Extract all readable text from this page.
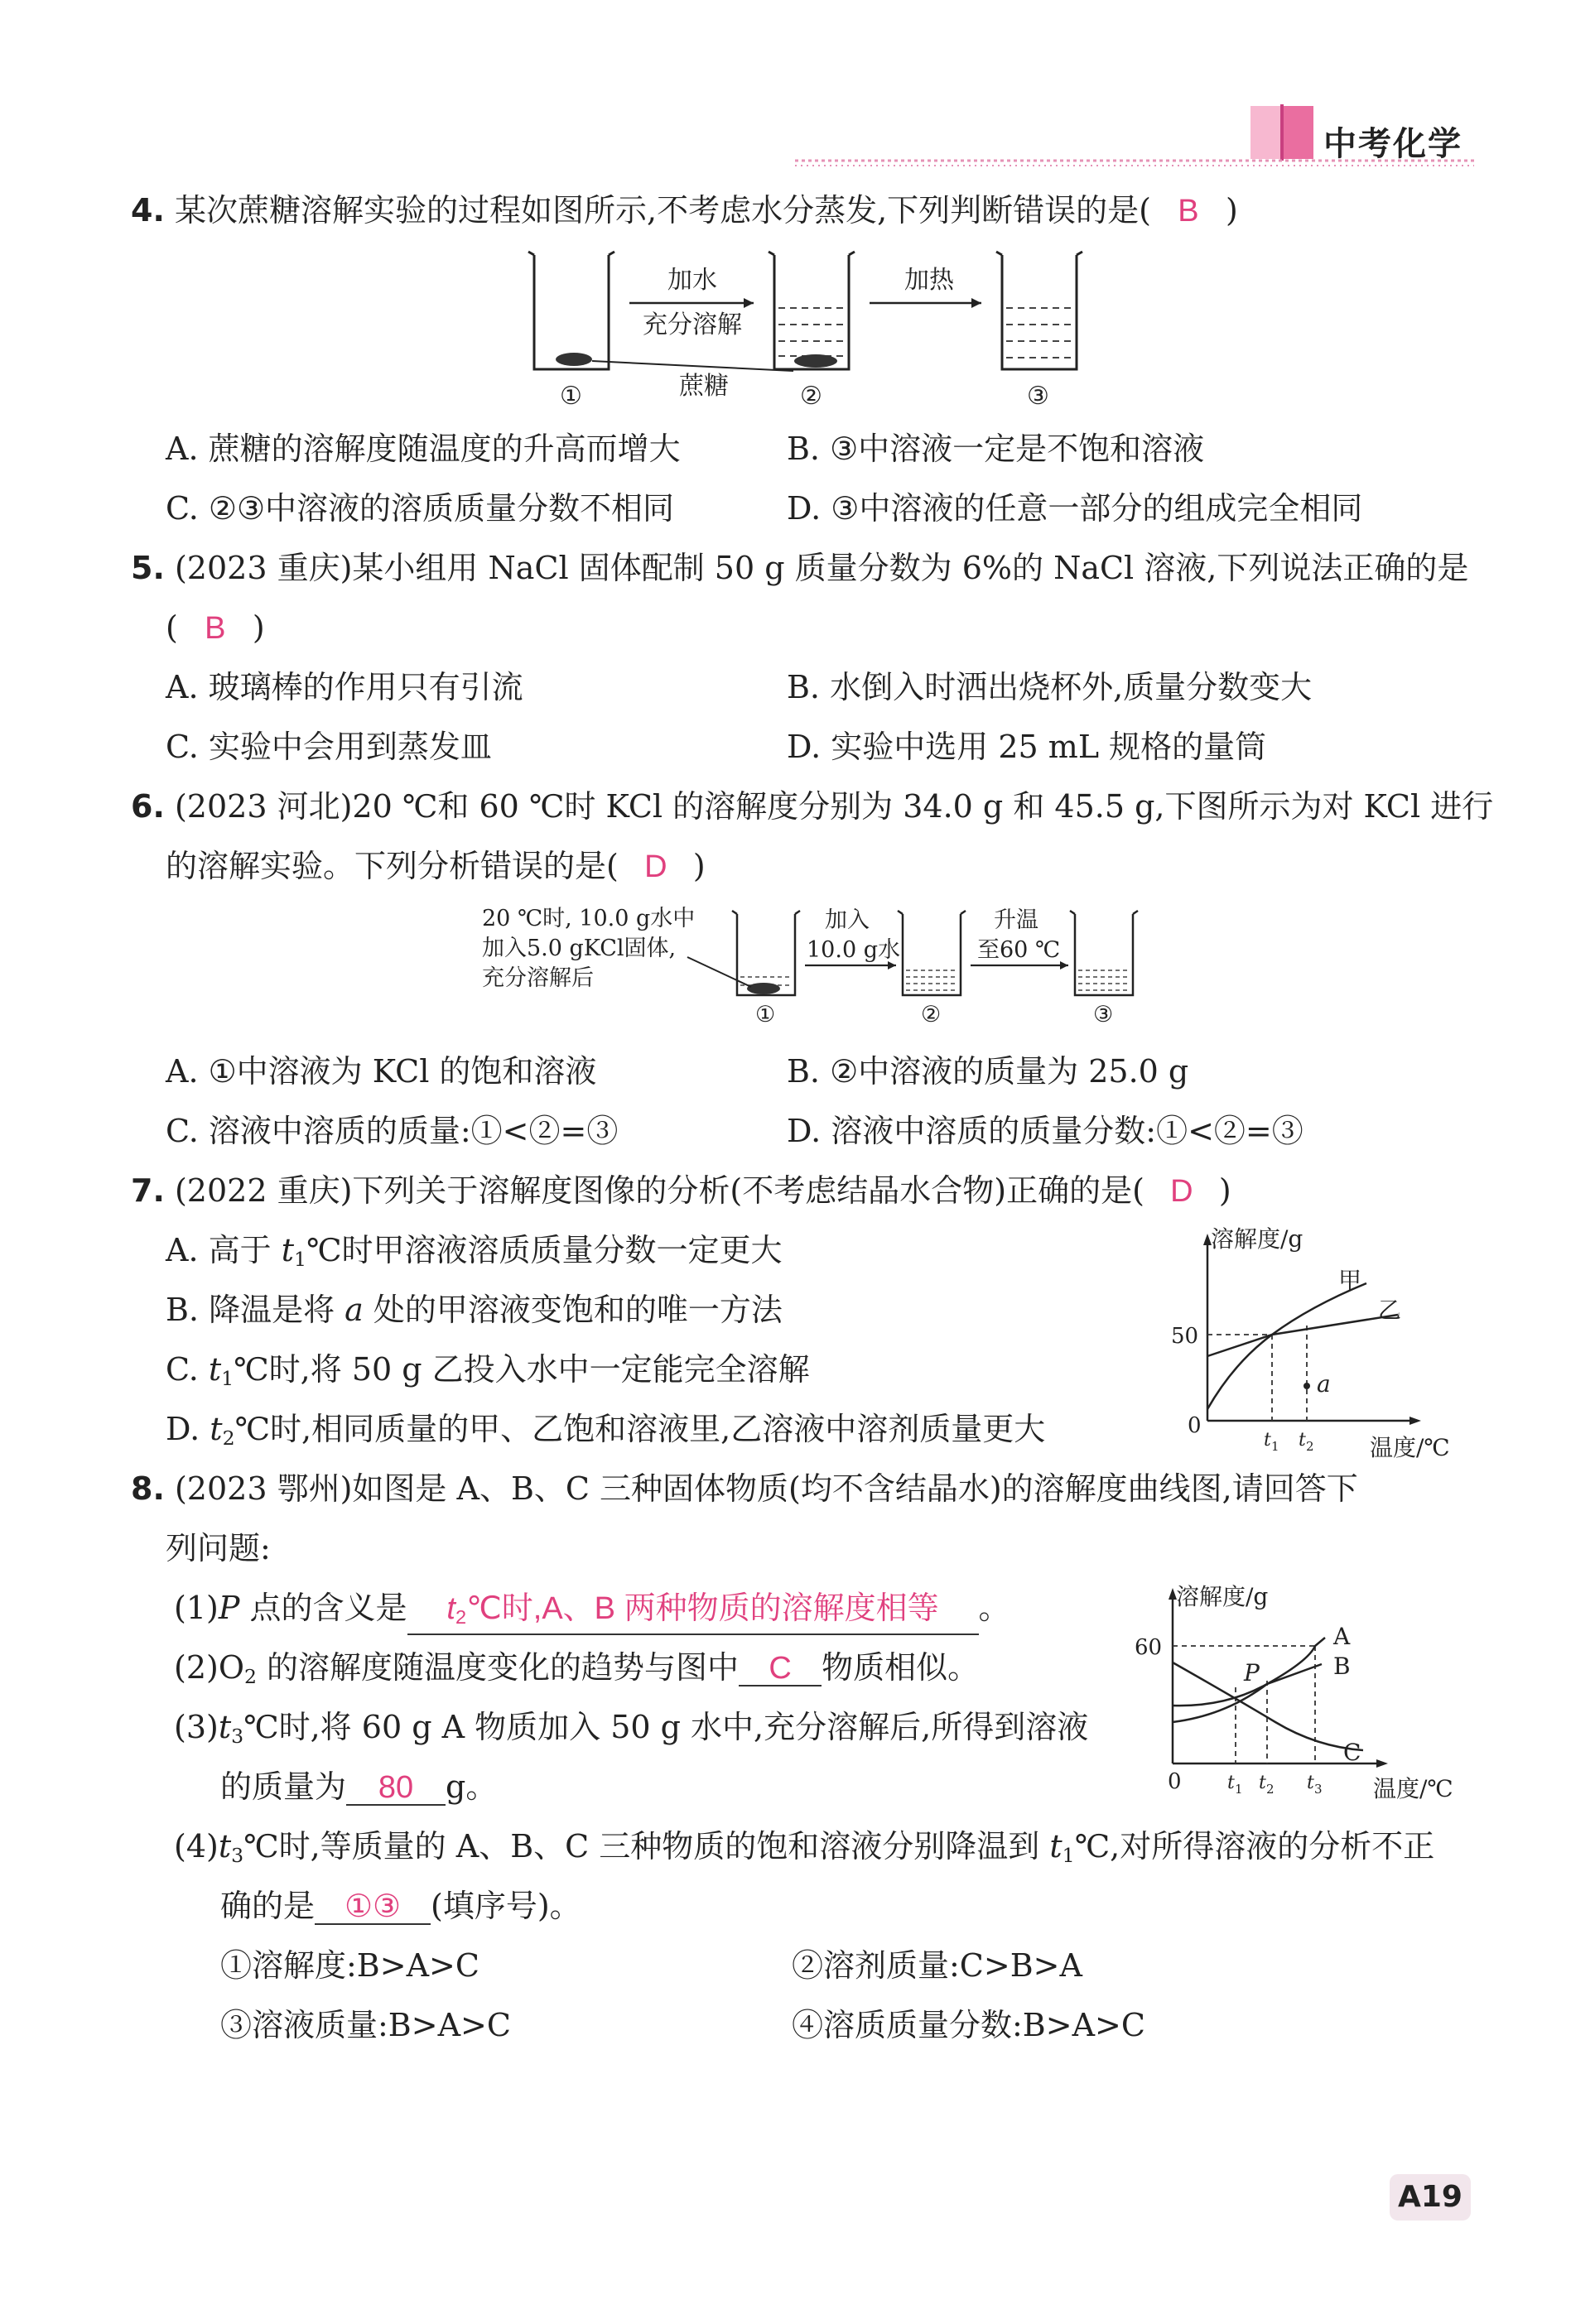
中考化学
4. 某次蔗糖溶解实验的过程如图所示,不考虑水分蒸发,下列判断错误的是( B )
加水
充分溶解
蔗糖
加热
①	②	③
A. 蔗糖的溶解度随温度的升高而增大	B. ③中溶液一定是不饱和溶液
C. ②③中溶液的溶质质量分数不相同	D. ③中溶液的任意一部分的组成完全相同
5. (2023 重庆)某小组用 NaCl 固体配制 50 g 质量分数为 6%的 NaCl 溶液,下列说法正确的是
( B )
A. 玻璃棒的作用只有引流	B. 水倒入时洒出烧杯外,质量分数变大
C. 实验中会用到蒸发皿	D. 实验中选用 25 mL 规格的量筒
6. (2023 河北)20 ℃和 60 ℃时 KCl 的溶解度分别为 34.0 g 和 45.5 g,下图所示为对 KCl 进行
的溶解实验。下列分析错误的是( D )
20 ℃时, 10.0 g水中
加入5.0 gKCl固体,
充分溶解后
加入
10.0 g水
升温
至60 ℃
①	②	③
A. ①中溶液为 KCl 的饱和溶液	B. ②中溶液的质量为 25.0 g
C. 溶液中溶质的质量:①<②=③	D. 溶液中溶质的质量分数:①<②=③
7. (2022 重庆)下列关于溶解度图像的分析(不考虑结晶水合物)正确的是( D )
A. 高于 $t_1℃$时甲溶液溶质质量分数一定更大
B. 降温是将 a 处的甲溶液变饱和的唯一方法
C. $t_1℃$时,将 50 g 乙投入水中一定能完全溶解
D. $t_2℃$时,相同质量的甲、乙饱和溶液里,乙溶液中溶剂质量更大
溶解度/g
温度/℃
50
0
a
甲
乙
t 1 t 2
8. (2023 鄂州)如图是 A、B、C 三种固体物质(均不含结晶水)的溶解度曲线图,请回答下
列问题:
(1)P 点的含义是 $t_2℃$时,A、B 两种物质的溶解度相等 。
$(2)O_2$ 的溶解度随温度变化的趋势与图中 C 物质相似。
$(3)t_3℃$时,将 60 g A 物质加入 50 g 水中,充分溶解后,所得到溶液
的质量为 80 g。
$(4)t_3℃$时,等质量的 A、B、C 三种物质的饱和溶液分别降温到 $t_1℃$,对所得溶液的分析不正
确的是 ①③ (填序号)。
①溶解度:B>A>C	②溶剂质量:C>B>A
③溶液质量:B>A>C	④溶质质量分数:B>A>C
溶解度/g
温度/℃
60
0
A
B
C
P
t 1 t 2 t 3
A19
